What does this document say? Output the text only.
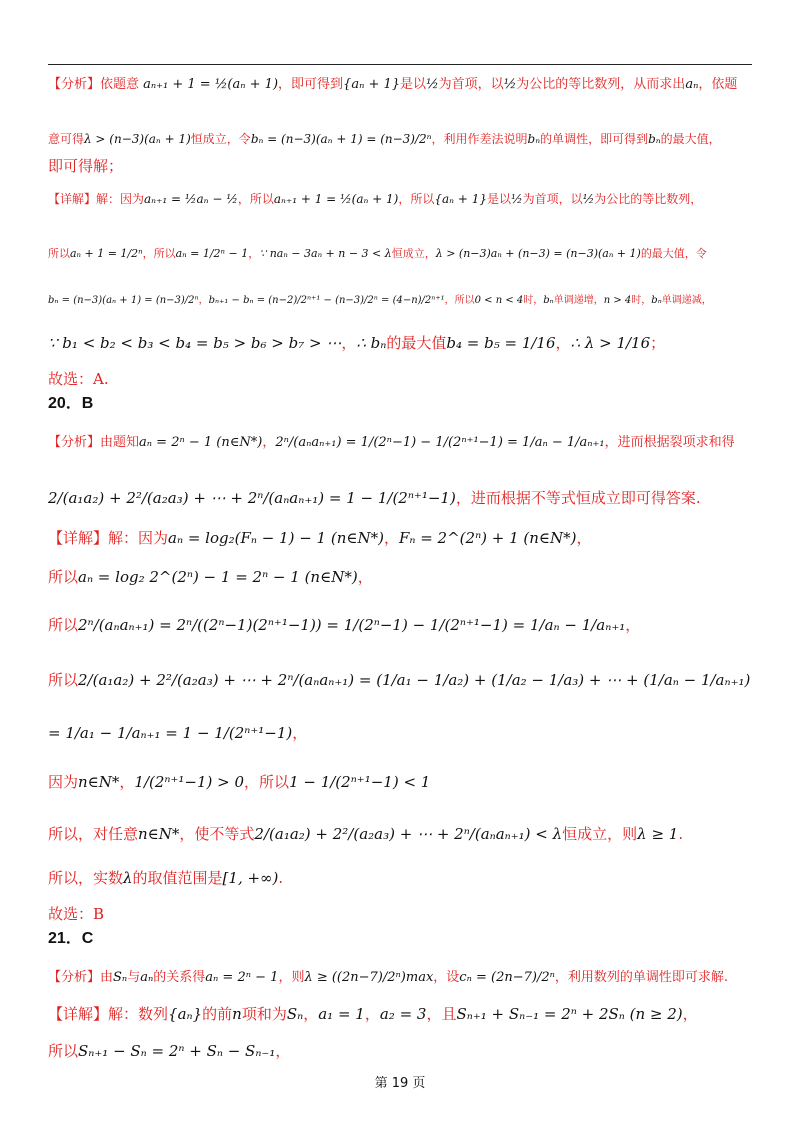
【分析】依题意 aₙ₊₁ + 1 = ½(aₙ + 1)，即可得到{aₙ + 1}是以½为首项，以½为公比的等比数列，从而求出aₙ，依题
意可得λ > (n−3)(aₙ + 1)恒成立，令bₙ = (n−3)(aₙ + 1) = (n−3)/2ⁿ，利用作差法说明bₙ的单调性，即可得到bₙ的最大值，
即可得解；
【详解】解：因为aₙ₊₁ = ½aₙ − ½，所以aₙ₊₁ + 1 = ½(aₙ + 1)，所以{aₙ + 1}是以½为首项，以½为公比的等比数列，
所以aₙ + 1 = 1/2ⁿ，所以aₙ = 1/2ⁿ − 1，∵ naₙ − 3aₙ + n − 3 < λ恒成立，λ > (n−3)aₙ + (n−3) = (n−3)(aₙ + 1)的最大值，令
bₙ = (n−3)(aₙ + 1) = (n−3)/2ⁿ，bₙ₊₁ − bₙ = (n−2)/2ⁿ⁺¹ − (n−3)/2ⁿ = (4−n)/2ⁿ⁺¹，所以0 < n < 4时，bₙ单调递增，n > 4时，bₙ单调递减，
∵ b₁ < b₂ < b₃ < b₄ = b₅ > b₆ > b₇ > ⋯，∴ bₙ的最大值b₄ = b₅ = 1/16，∴ λ > 1/16；
故选：A.
20．B
【分析】由题知aₙ = 2ⁿ − 1 (n∈N*)，2ⁿ/(aₙaₙ₊₁) = 1/(2ⁿ−1) − 1/(2ⁿ⁺¹−1) = 1/aₙ − 1/aₙ₊₁，进而根据裂项求和得
2/(a₁a₂) + 2²/(a₂a₃) + ⋯ + 2ⁿ/(aₙaₙ₊₁) = 1 − 1/(2ⁿ⁺¹−1)，进而根据不等式恒成立即可得答案.
【详解】解：因为aₙ = log₂(Fₙ − 1) − 1 (n∈N*)，Fₙ = 2^(2ⁿ) + 1 (n∈N*)，
所以aₙ = log₂ 2^(2ⁿ) − 1 = 2ⁿ − 1 (n∈N*)，
所以2ⁿ/(aₙaₙ₊₁) = 2ⁿ/((2ⁿ−1)(2ⁿ⁺¹−1)) = 1/(2ⁿ−1) − 1/(2ⁿ⁺¹−1) = 1/aₙ − 1/aₙ₊₁，
所以2/(a₁a₂) + 2²/(a₂a₃) + ⋯ + 2ⁿ/(aₙaₙ₊₁) = (1/a₁ − 1/a₂) + (1/a₂ − 1/a₃) + ⋯ + (1/aₙ − 1/aₙ₊₁)
= 1/a₁ − 1/aₙ₊₁ = 1 − 1/(2ⁿ⁺¹−1)，
因为n∈N*，1/(2ⁿ⁺¹−1) > 0，所以1 − 1/(2ⁿ⁺¹−1) < 1
所以，对任意n∈N*，使不等式2/(a₁a₂) + 2²/(a₂a₃) + ⋯ + 2ⁿ/(aₙaₙ₊₁) < λ恒成立，则λ ≥ 1.
所以，实数λ的取值范围是[1, +∞).
故选：B
21．C
【分析】由Sₙ与aₙ的关系得aₙ = 2ⁿ − 1，则λ ≥ ((2n−7)/2ⁿ)max，设cₙ = (2n−7)/2ⁿ，利用数列的单调性即可求解.
【详解】解：数列{aₙ}的前n项和为Sₙ，a₁ = 1，a₂ = 3，且Sₙ₊₁ + Sₙ₋₁ = 2ⁿ + 2Sₙ (n ≥ 2)，
所以Sₙ₊₁ − Sₙ = 2ⁿ + Sₙ − Sₙ₋₁，
第 19 页
